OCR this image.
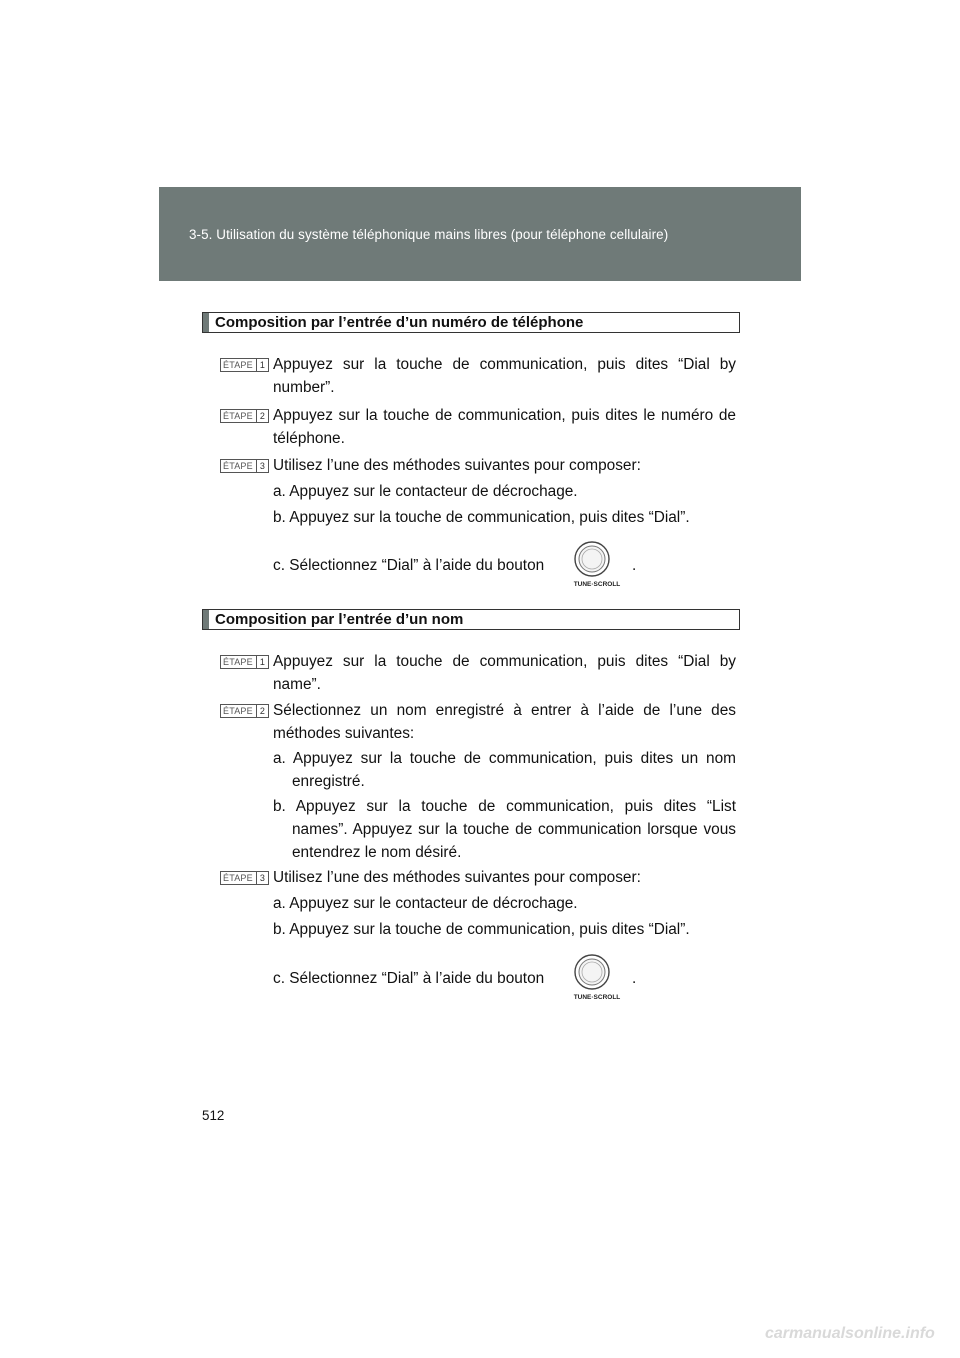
3-5. Utilisation du système téléphonique mains libres (pour téléphone cellulaire)
Composition par l’entrée d’un numéro de téléphone
ÉTAPE 1 Appuyez sur la touche de communication, puis dites “Dial by number”.
ÉTAPE 2 Appuyez sur la touche de communication, puis dites le numéro de téléphone.
ÉTAPE 3 Utilisez l’une des méthodes suivantes pour composer:
a. Appuyez sur le contacteur de décrochage.
b. Appuyez sur la touche de communication, puis dites “Dial”.
c. Sélectionnez “Dial” à l’aide du bouton
TUNE·SCROLL
.
Composition par l’entrée d’un nom
ÉTAPE 1 Appuyez sur la touche de communication, puis dites “Dial by name”.
ÉTAPE 2 Sélectionnez un nom enregistré à entrer à l’aide de l’une des méthodes suivantes:
a. Appuyez sur la touche de communication, puis dites un nom enregistré.
b. Appuyez sur la touche de communication, puis dites “List names”. Appuyez sur la touche de communication lorsque vous entendrez le nom désiré.
ÉTAPE 3 Utilisez l’une des méthodes suivantes pour composer:
a. Appuyez sur le contacteur de décrochage.
b. Appuyez sur la touche de communication, puis dites “Dial”.
c. Sélectionnez “Dial” à l’aide du bouton
TUNE·SCROLL
.
512
carmanualsonline.info
